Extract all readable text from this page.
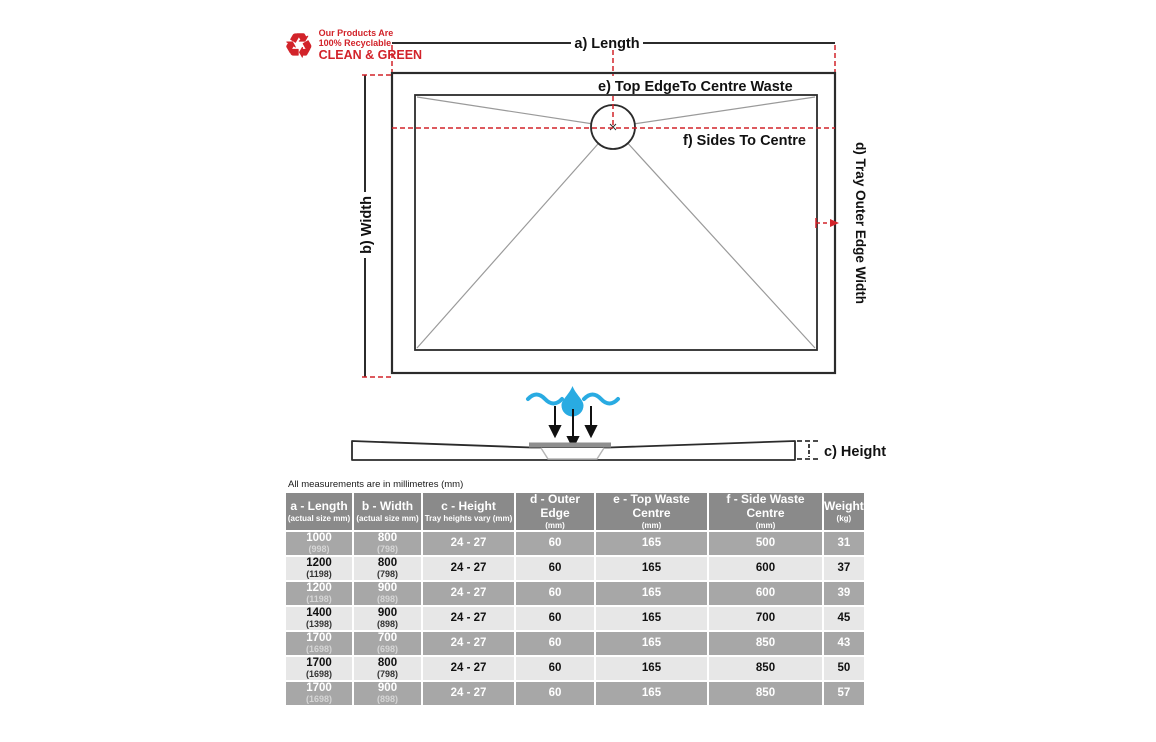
♻ Our Products Are
100% Recyclable
CLEAN & GREEN
a) Length
e) Top EdgeTo Centre Waste
f) Sides To Centre
b) Width	d) Tray Outer Edge Width
c) Height
All measurements are in millimetres (mm)
a - Length
(actual size mm)	b - Width
(actual size mm)	c - Height
Tray heights vary (mm)	d - Outer Edge
(mm)	e - Top Waste Centre
(mm)	f - Side Waste Centre
(mm)	Weight
(kg)

1000
(998)	800
(798)	24 - 27	60	165	500	31
1200
(1198)	800
(798)	24 - 27	60	165	600	37
1200
(1198)	900
(898)	24 - 27	60	165	600	39
1400
(1398)	900
(898)	24 - 27	60	165	700	45
1700
(1698)	700
(698)	24 - 27	60	165	850	43
1700
(1698)	800
(798)	24 - 27	60	165	850	50
1700
(1698)	900
(898)	24 - 27	60	165	850	57
